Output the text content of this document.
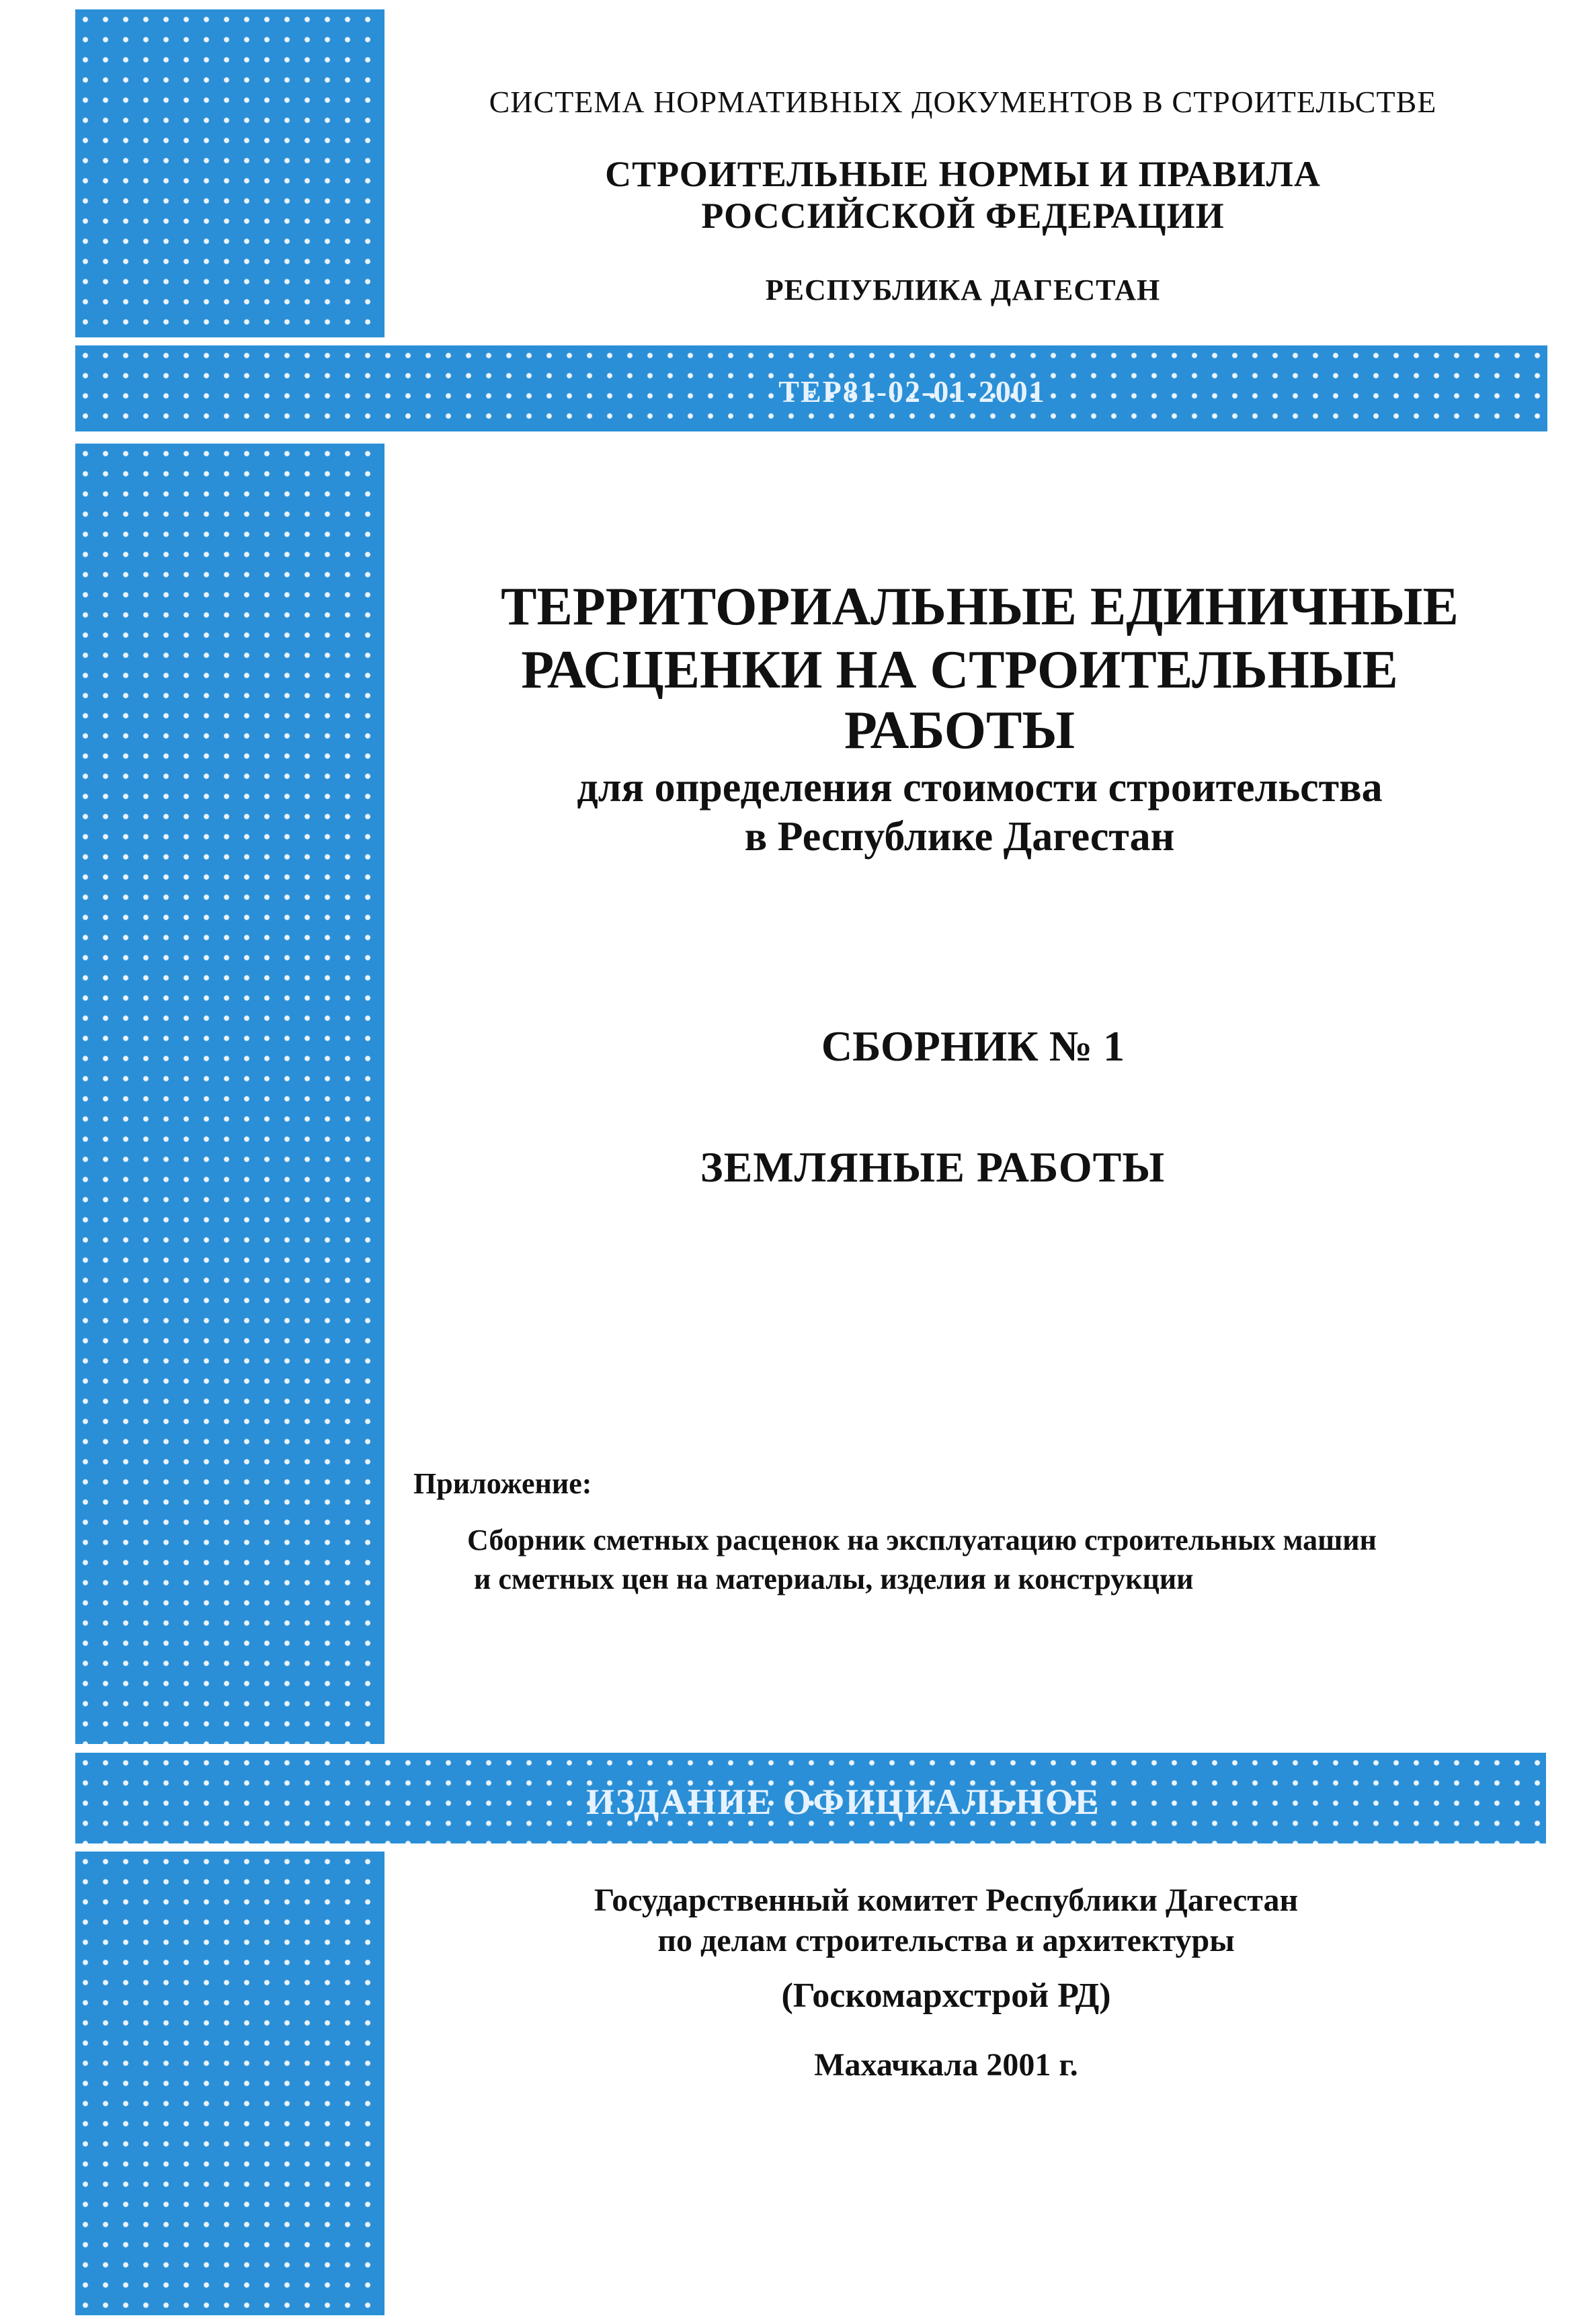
ТЕР81-02-01-2001
ИЗДАНИЕ ОФИЦИАЛЬНОЕ
СИСТЕМА НОРМАТИВНЫХ ДОКУМЕНТОВ В СТРОИТЕЛЬСТВЕ
СТРОИТЕЛЬНЫЕ НОРМЫ И ПРАВИЛА
РОССИЙСКОЙ ФЕДЕРАЦИИ
РЕСПУБЛИКА ДАГЕСТАН
ТЕРРИТОРИАЛЬНЫЕ ЕДИНИЧНЫЕ
РАСЦЕНКИ НА СТРОИТЕЛЬНЫЕ
РАБОТЫ
для определения стоимости строительства
в Республике Дагестан
СБОРНИК № 1
ЗЕМЛЯНЫЕ РАБОТЫ
Приложение:
Сборник сметных расценок на эксплуатацию строительных машин
и сметных цен на материалы, изделия и конструкции
Государственный комитет Республики Дагестан
по делам строительства и архитектуры
(Госкомархстрой РД)
Махачкала 2001 г.
